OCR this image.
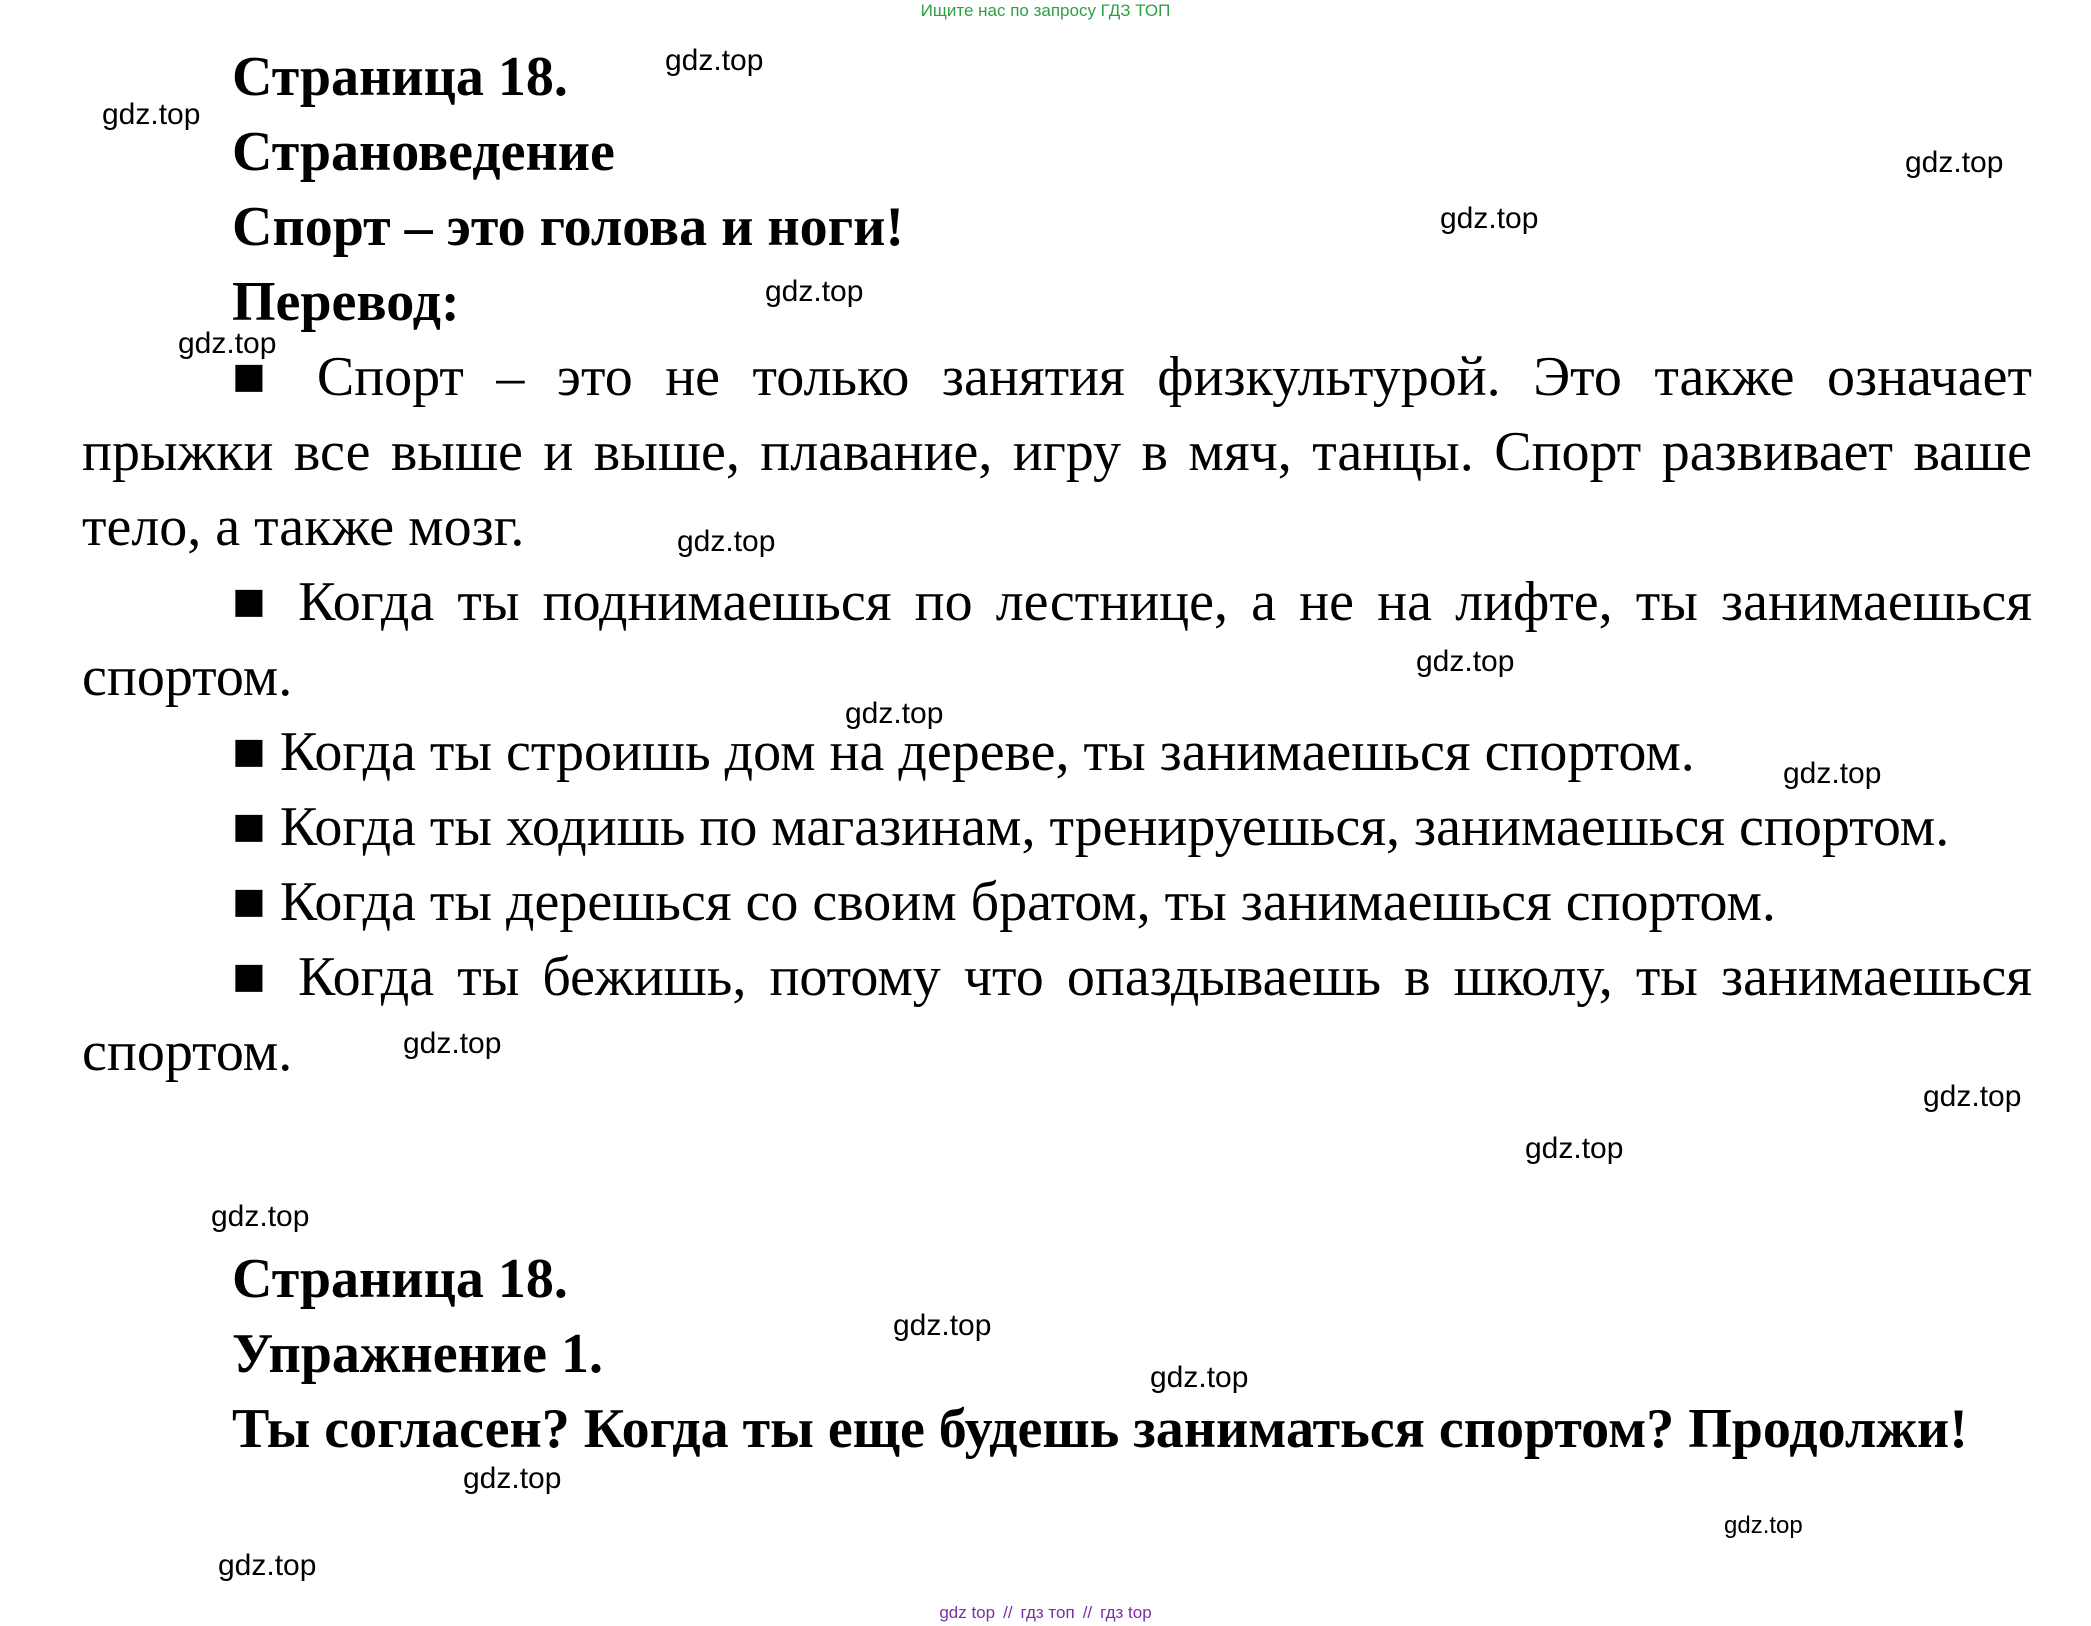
Ищите нас по запросу ГДЗ ТОП

Страница 18.

Страноведение

Спорт – это голова и ноги!

Перевод:

■ Спорт – это не только занятия физкультурой. Это также означает прыжки все выше и выше, плавание, игру в мяч, танцы. Спорт развивает ваше тело, а также мозг.

■ Когда ты поднимаешься по лестнице, а не на лифте, ты занимаешься спортом.

■ Когда ты строишь дом на дереве, ты занимаешься спортом.

■ Когда ты ходишь по магазинам, тренируешься, занимаешься спортом.

■ Когда ты дерешься со своим братом, ты занимаешься спортом.

■ Когда ты бежишь, потому что опаздываешь в школу, ты занимаешься спортом.

Страница 18.

Упражнение 1.

Ты согласен? Когда ты еще будешь заниматься спортом? Продолжи!

gdz.top
gdz.top
gdz.top
gdz.top
gdz.top
gdz.top
gdz.top
gdz.top
gdz.top
gdz.top
gdz.top
gdz.top
gdz.top
gdz.top
gdz.top
gdz.top
gdz.top
gdz.top
gdz.top
gdz top // гдз топ // гдз top
